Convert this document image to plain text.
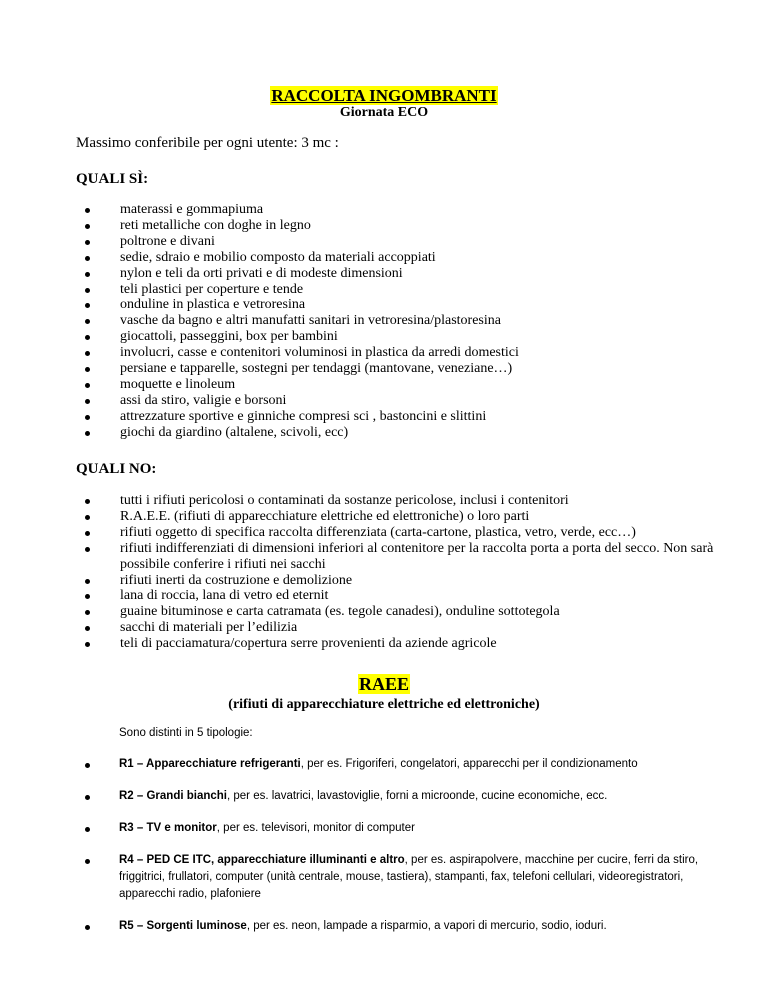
RACCOLTA INGOMBRANTI
Giornata ECO
Massimo conferibile per ogni utente: 3 mc :
QUALI SÌ:
materassi e gommapiuma
reti metalliche con doghe in legno
poltrone e divani
sedie, sdraio e mobilio composto da materiali accoppiati
nylon e teli da orti privati e di modeste dimensioni
teli plastici per coperture e tende
onduline in plastica e vetroresina
vasche da bagno e altri manufatti sanitari in vetroresina/plastoresina
giocattoli, passeggini, box per bambini
involucri, casse e contenitori voluminosi in plastica da arredi domestici
persiane e tapparelle, sostegni per tendaggi (mantovane, veneziane…)
moquette e linoleum
assi da stiro, valigie e borsoni
attrezzature sportive e ginniche compresi sci , bastoncini e slittini
giochi da giardino (altalene, scivoli, ecc)
QUALI NO:
tutti i rifiuti pericolosi o contaminati da sostanze pericolose, inclusi i contenitori
R.A.E.E. (rifiuti di apparecchiature elettriche ed elettroniche) o loro parti
rifiuti oggetto di specifica raccolta differenziata (carta-cartone, plastica, vetro, verde, ecc…)
rifiuti indifferenziati di dimensioni inferiori al contenitore per la raccolta porta a porta del secco. Non sarà possibile conferire i rifiuti nei sacchi
rifiuti inerti da costruzione e demolizione
lana di roccia, lana di vetro ed eternit
guaine bituminose e carta catramata (es. tegole canadesi), onduline sottotegola
sacchi di materiali per l’edilizia
teli di pacciamatura/copertura serre provenienti da aziende agricole
RAEE
(rifiuti di apparecchiature elettriche ed elettroniche)
Sono distinti in 5 tipologie:
R1 – Apparecchiature refrigeranti, per es. Frigoriferi, congelatori, apparecchi per il condizionamento
R2 – Grandi bianchi, per es. lavatrici, lavastoviglie, forni a microonde, cucine economiche, ecc.
R3 – TV e monitor, per es. televisori, monitor di computer
R4 – PED CE ITC, apparecchiature illuminanti e altro, per es. aspirapolvere, macchine per cucire, ferri da stiro, friggitrici, frullatori, computer (unità centrale, mouse, tastiera), stampanti, fax, telefoni cellulari, videoregistratori, apparecchi radio, plafoniere
R5 – Sorgenti luminose, per es. neon, lampade a risparmio, a vapori di mercurio, sodio, ioduri.
